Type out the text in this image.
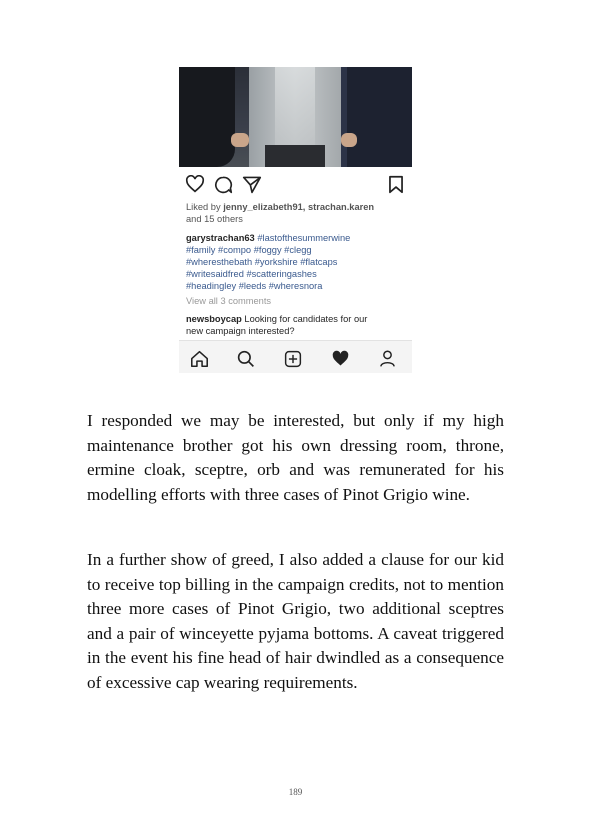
Liked by jenny_elizabeth91, strachan.karen
and 15 others
garystrachan63 #lastofthesummerwine
#family #compo #foggy #clegg
#wheresthebath #yorkshire #flatcaps
#writesaidfred #scatteringashes
#headingley #leeds #wheresnora
View all 3 comments
newsboycap Looking for candidates for our
new campaign interested?

I responded we may be interested, but only if my high maintenance brother got his own dressing room, throne, ermine cloak, sceptre, orb and was remunerated for his modelling efforts with three cases of Pinot Grigio wine.

In a further show of greed, I also added a clause for our kid to receive top billing in the campaign credits, not to mention three more cases of Pinot Grigio, two additional sceptres and a pair of winceyette pyjama bottoms. A caveat triggered in the event his fine head of hair dwindled as a consequence of excessive cap wearing requirements.

189
